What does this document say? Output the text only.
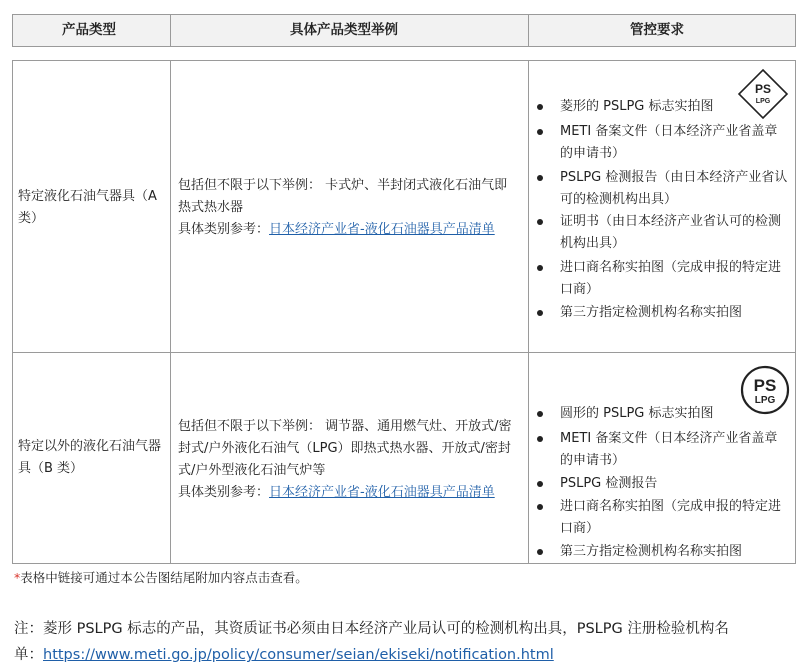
产品类型	具体产品类型举例	管控要求
特定液化石油气器具（A
类）
包括但不限于以下举例： 卡式炉、半封闭式液化石油气即
热式热水器
具体类别参考：日本经济产业省-液化石油器具产品清单
PS
LPG
菱形的 PSLPG 标志实拍图
METI 备案文件（日本经济产业省盖章
的申请书）
PSLPG 检测报告（由日本经济产业省认
可的检测机构出具）
证明书（由日本经济产业省认可的检测
机构出具）
进口商名称实拍图（完成申报的特定进
口商）
第三方指定检测机构名称实拍图
特定以外的液化石油气器
具（B 类）
包括但不限于以下举例： 调节器、通用燃气灶、开放式/密
封式/户外液化石油气（LPG）即热式热水器、开放式/密封
式/户外型液化石油气炉等
具体类别参考：日本经济产业省-液化石油器具产品清单
PS
LPG
圆形的 PSLPG 标志实拍图
METI 备案文件（日本经济产业省盖章
的申请书）
PSLPG 检测报告
进口商名称实拍图（完成申报的特定进
口商）
第三方指定检测机构名称实拍图
*表格中链接可通过本公告图结尾附加内容点击查看。
注：菱形 PSLPG 标志的产品，其资质证书必须由日本经济产业局认可的检测机构出具，PSLPG 注册检验机构名
单：https://www.meti.go.jp/policy/consumer/seian/ekiseki/notification.html
